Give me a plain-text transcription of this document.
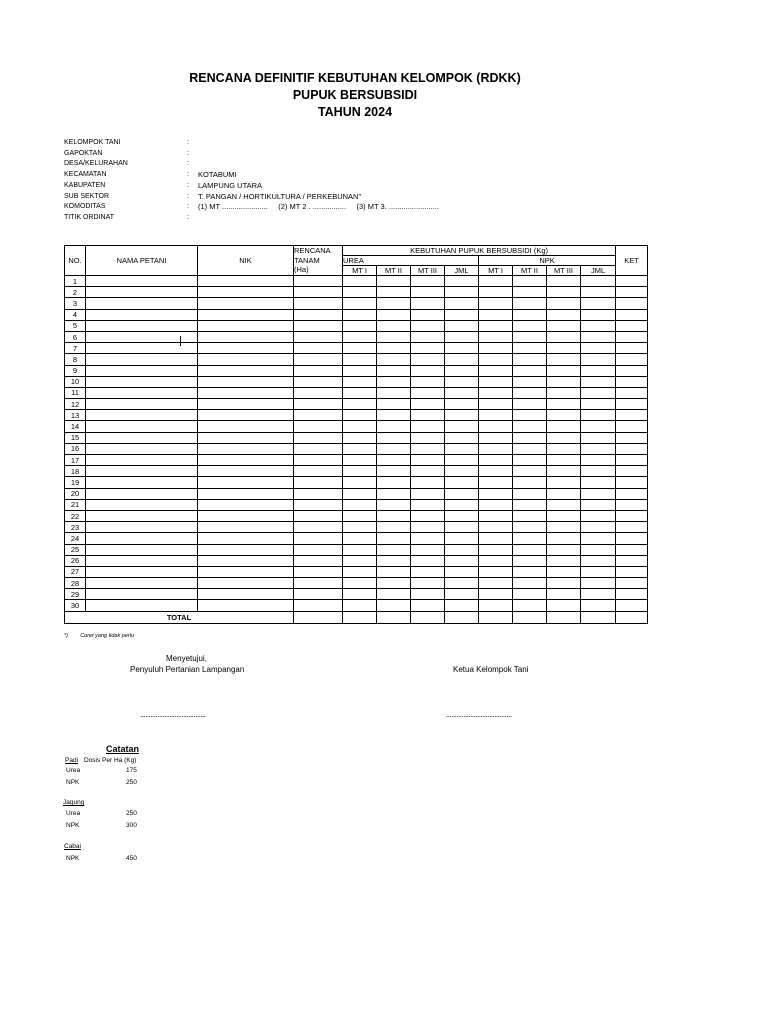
RENCANA DEFINITIF KEBUTUHAN KELOMPOK (RDKK)
PUPUK BERSUBSIDI
TAHUN 2024
KELOMPOK TANI	:
GAPOKTAN	:
DESA/KELURAHAN	:
KECAMATAN	: KOTABUMI
KABUPATEN	: LAMPUNG UTARA
SUB SEKTOR	: T. PANGAN / HORTIKULTURA / PERKEBUNAN"
KOMODITAS	: (1) MT ......................     (2) MT 2 . ................     (3) MT 3. ........................
TITIK ORDINAT	:
NO.	NAMA PETANI	NIK	RENCANA
TANAM
(Ha)	KEBUTUHAN PUPUK BERSUBSIDI (Kg)								KET
				UREA				NPK				
				MT I	MT II	MT III	JML	MT I	MT II	MT III	JML	
1												
2												
3												
4												
5												
6												
7												
8												
9												
10												
11												
12												
13												
14												
15												
16												
17												
18												
19												
20												
21												
22												
23												
24												
25												
26												
27												
28												
29												
30												
TOTAL												
*)        Coret yang tidak perlu
Menyetujui,
Penyuluh Pertanian Lampangan	Ketua Kelompok Tani
......................................	......................................
Catatan
Padi Dosis Per Ha (Kg)
Urea	175
NPK	250
Jagung
Urea	250
NPK	300
Cabai
NPK	450
